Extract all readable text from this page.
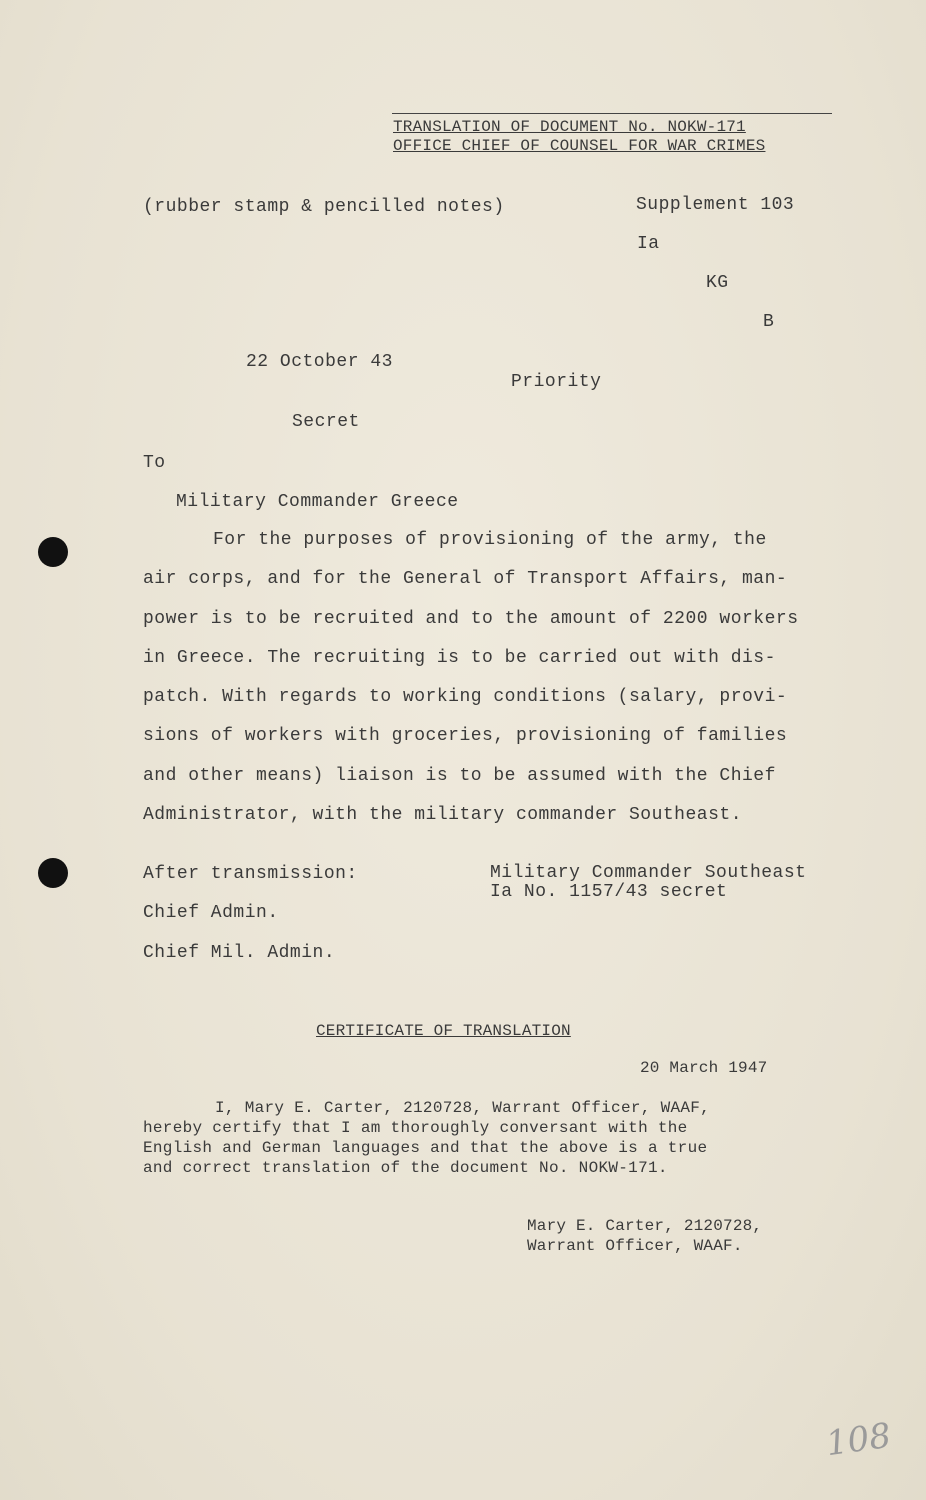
TRANSLATION OF DOCUMENT No. NOKW-171
OFFICE CHIEF OF COUNSEL FOR WAR CRIMES
(rubber stamp & pencilled notes)	Supplement 103
Ia
KG
B
22 October 43
Priority
Secret
To
Military Commander Greece
For the purposes of provisioning of the army, the
air corps, and for the General of Transport Affairs, man-
power is to be recruited and to the amount of 2200 workers
in Greece. The recruiting is to be carried out with dis-
patch. With regards to working conditions (salary, provi-
sions of workers with groceries, provisioning of families
and other means) liaison is to be assumed with the Chief
Administrator, with the military commander Southeast.
After transmission:
Chief Admin.
Chief Mil. Admin.
Military Commander Southeast
Ia No. 1157/43 secret
CERTIFICATE OF TRANSLATION
20 March 1947
I, Mary E. Carter, 2120728, Warrant Officer, WAAF,
hereby certify that I am thoroughly conversant with the
English and German languages and that the above is a true
and correct translation of the document No. NOKW-171.
Mary E. Carter, 2120728,
Warrant Officer, WAAF.
108
